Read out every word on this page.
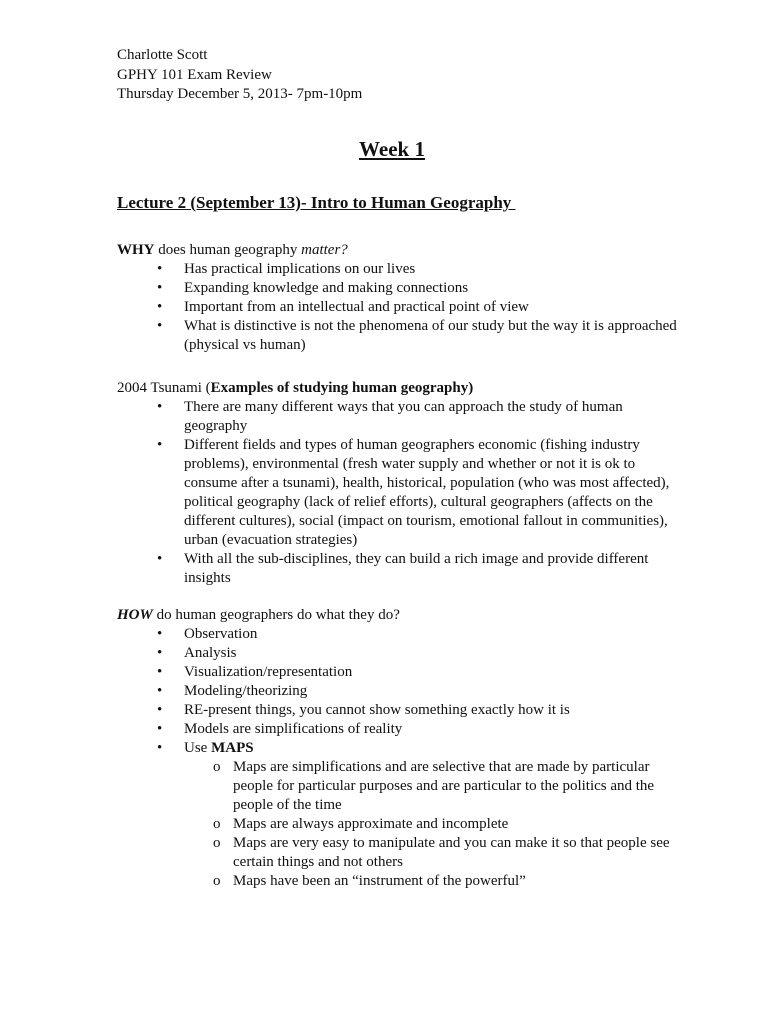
Charlotte Scott
GPHY 101 Exam Review
Thursday December 5, 2013- 7pm-10pm
Week 1
Lecture 2 (September 13)- Intro to Human Geography

WHY does human geography matter?

• Has practical implications on our lives
• Expanding knowledge and making connections
• Important from an intellectual and practical point of view
• What is distinctive is not the phenomena of our study but the way it is approached (physical vs human)

2004 Tsunami (Examples of studying human geography)

• There are many different ways that you can approach the study of human geography
• Different fields and types of human geographers economic (fishing industry problems), environmental (fresh water supply and whether or not it is ok to consume after a tsunami), health, historical, population (who was most affected), political geography (lack of relief efforts), cultural geographers (affects on the different cultures), social (impact on tourism, emotional fallout in communities), urban (evacuation strategies)
• With all the sub-disciplines, they can build a rich image and provide different insights

HOW do human geographers do what they do?

• Observation
• Analysis
• Visualization/representation
• Modeling/theorizing
• RE-present things, you cannot show something exactly how it is
• Models are simplifications of reality
• Use MAPS
o Maps are simplifications and are selective that are made by particular people for particular purposes and are particular to the politics and the people of the time
o Maps are always approximate and incomplete
o Maps are very easy to manipulate and you can make it so that people see certain things and not others
o Maps have been an “instrument of the powerful”
